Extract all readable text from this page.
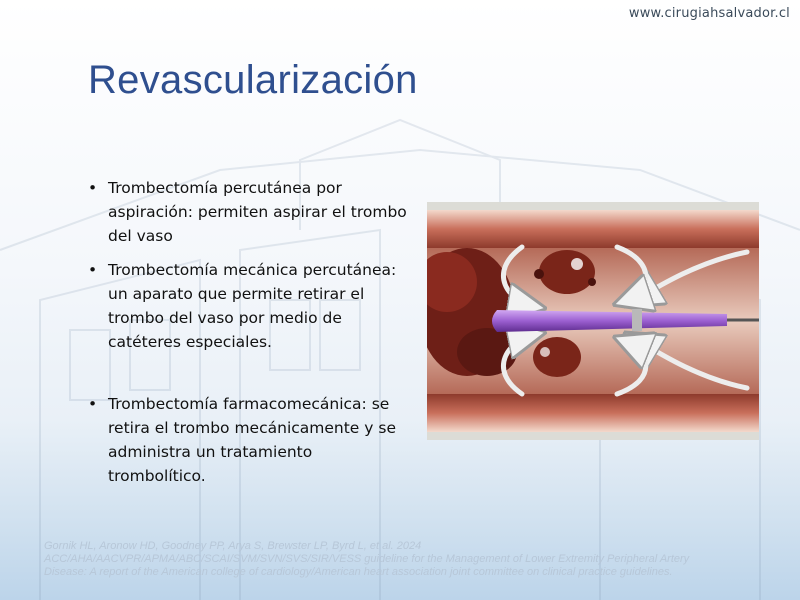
www.cirugiahsalvador.cl
Revascularización
• Trombectomía percutánea por aspiración: permiten aspirar el trombo del vaso
• Trombectomía mecánica percutánea: un aparato que permite retirar el trombo del vaso por medio de catéteres especiales.
• Trombectomía farmacomecánica: se retira el trombo mecánicamente y se administra un tratamiento trombolítico.
Gornik HL, Aronow HD, Goodney PP, Arya S, Brewster LP, Byrd L, et al. 2024
ACC/AHA/AACVPR/APMA/ABC/SCAI/SVM/SVN/SVS/SIR/VESS guideline for the Management of Lower Extremity Peripheral Artery
Disease: A report of the American college of cardiology/American heart association joint committee on clinical practice guidelines.
